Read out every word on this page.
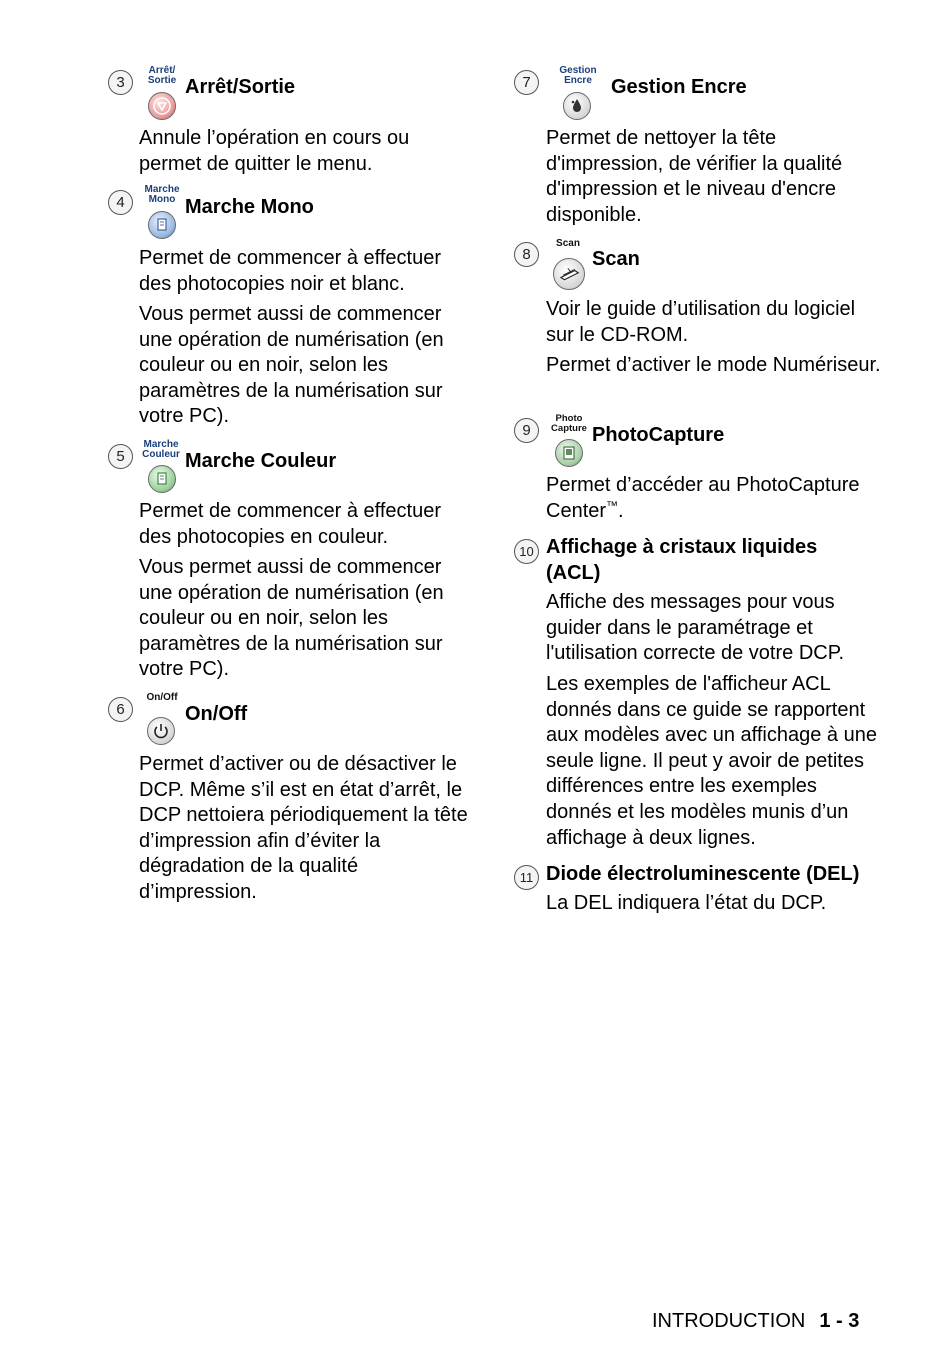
3
Arrêt/
Sortie Arrêt/Sortie

Annule l’opération en cours ou permet de quitter le menu.

4
Marche
Mono Marche Mono

Permet de commencer à effectuer des photocopies noir et blanc.

Vous permet aussi de commencer une opération de numérisation (en couleur ou en noir, selon les paramètres de la numérisation sur votre PC).

5
Marche
Couleur Marche Couleur

Permet de commencer à effectuer des photocopies en couleur.

Vous permet aussi de commencer une opération de numérisation (en couleur ou en noir, selon les paramètres de la numérisation sur votre PC).

6
On/Off
On/Off

Permet d’activer ou de désactiver le DCP. Même s’il est en état d’arrêt, le DCP nettoiera périodiquement la tête d’impression afin d’éviter la dégradation de la qualité d’impression.

7
Gestion
Encre Gestion Encre

Permet de nettoyer la tête d'impression, de vérifier la qualité d'impression et le niveau d'encre disponible.

8
Scan
Scan

Voir le guide d’utilisation du logiciel sur le CD-ROM.

Permet d’activer le mode Numériseur.

9
Photo
Capture PhotoCapture

Permet d’accéder au PhotoCapture Center™.

10 Affichage à cristaux liquides
(ACL)

Affiche des messages pour vous guider dans le paramétrage et l'utilisation correcte de votre DCP.

Les exemples de l'afficheur ACL donnés dans ce guide se rapportent aux modèles avec un affichage à une seule ligne. Il peut y avoir de petites différences entre les exemples donnés et les modèles munis d’un affichage à deux lignes.

11 Diode électroluminescente (DEL)

La DEL indiquera l’état du DCP.

INTRODUCTION 1 - 3
